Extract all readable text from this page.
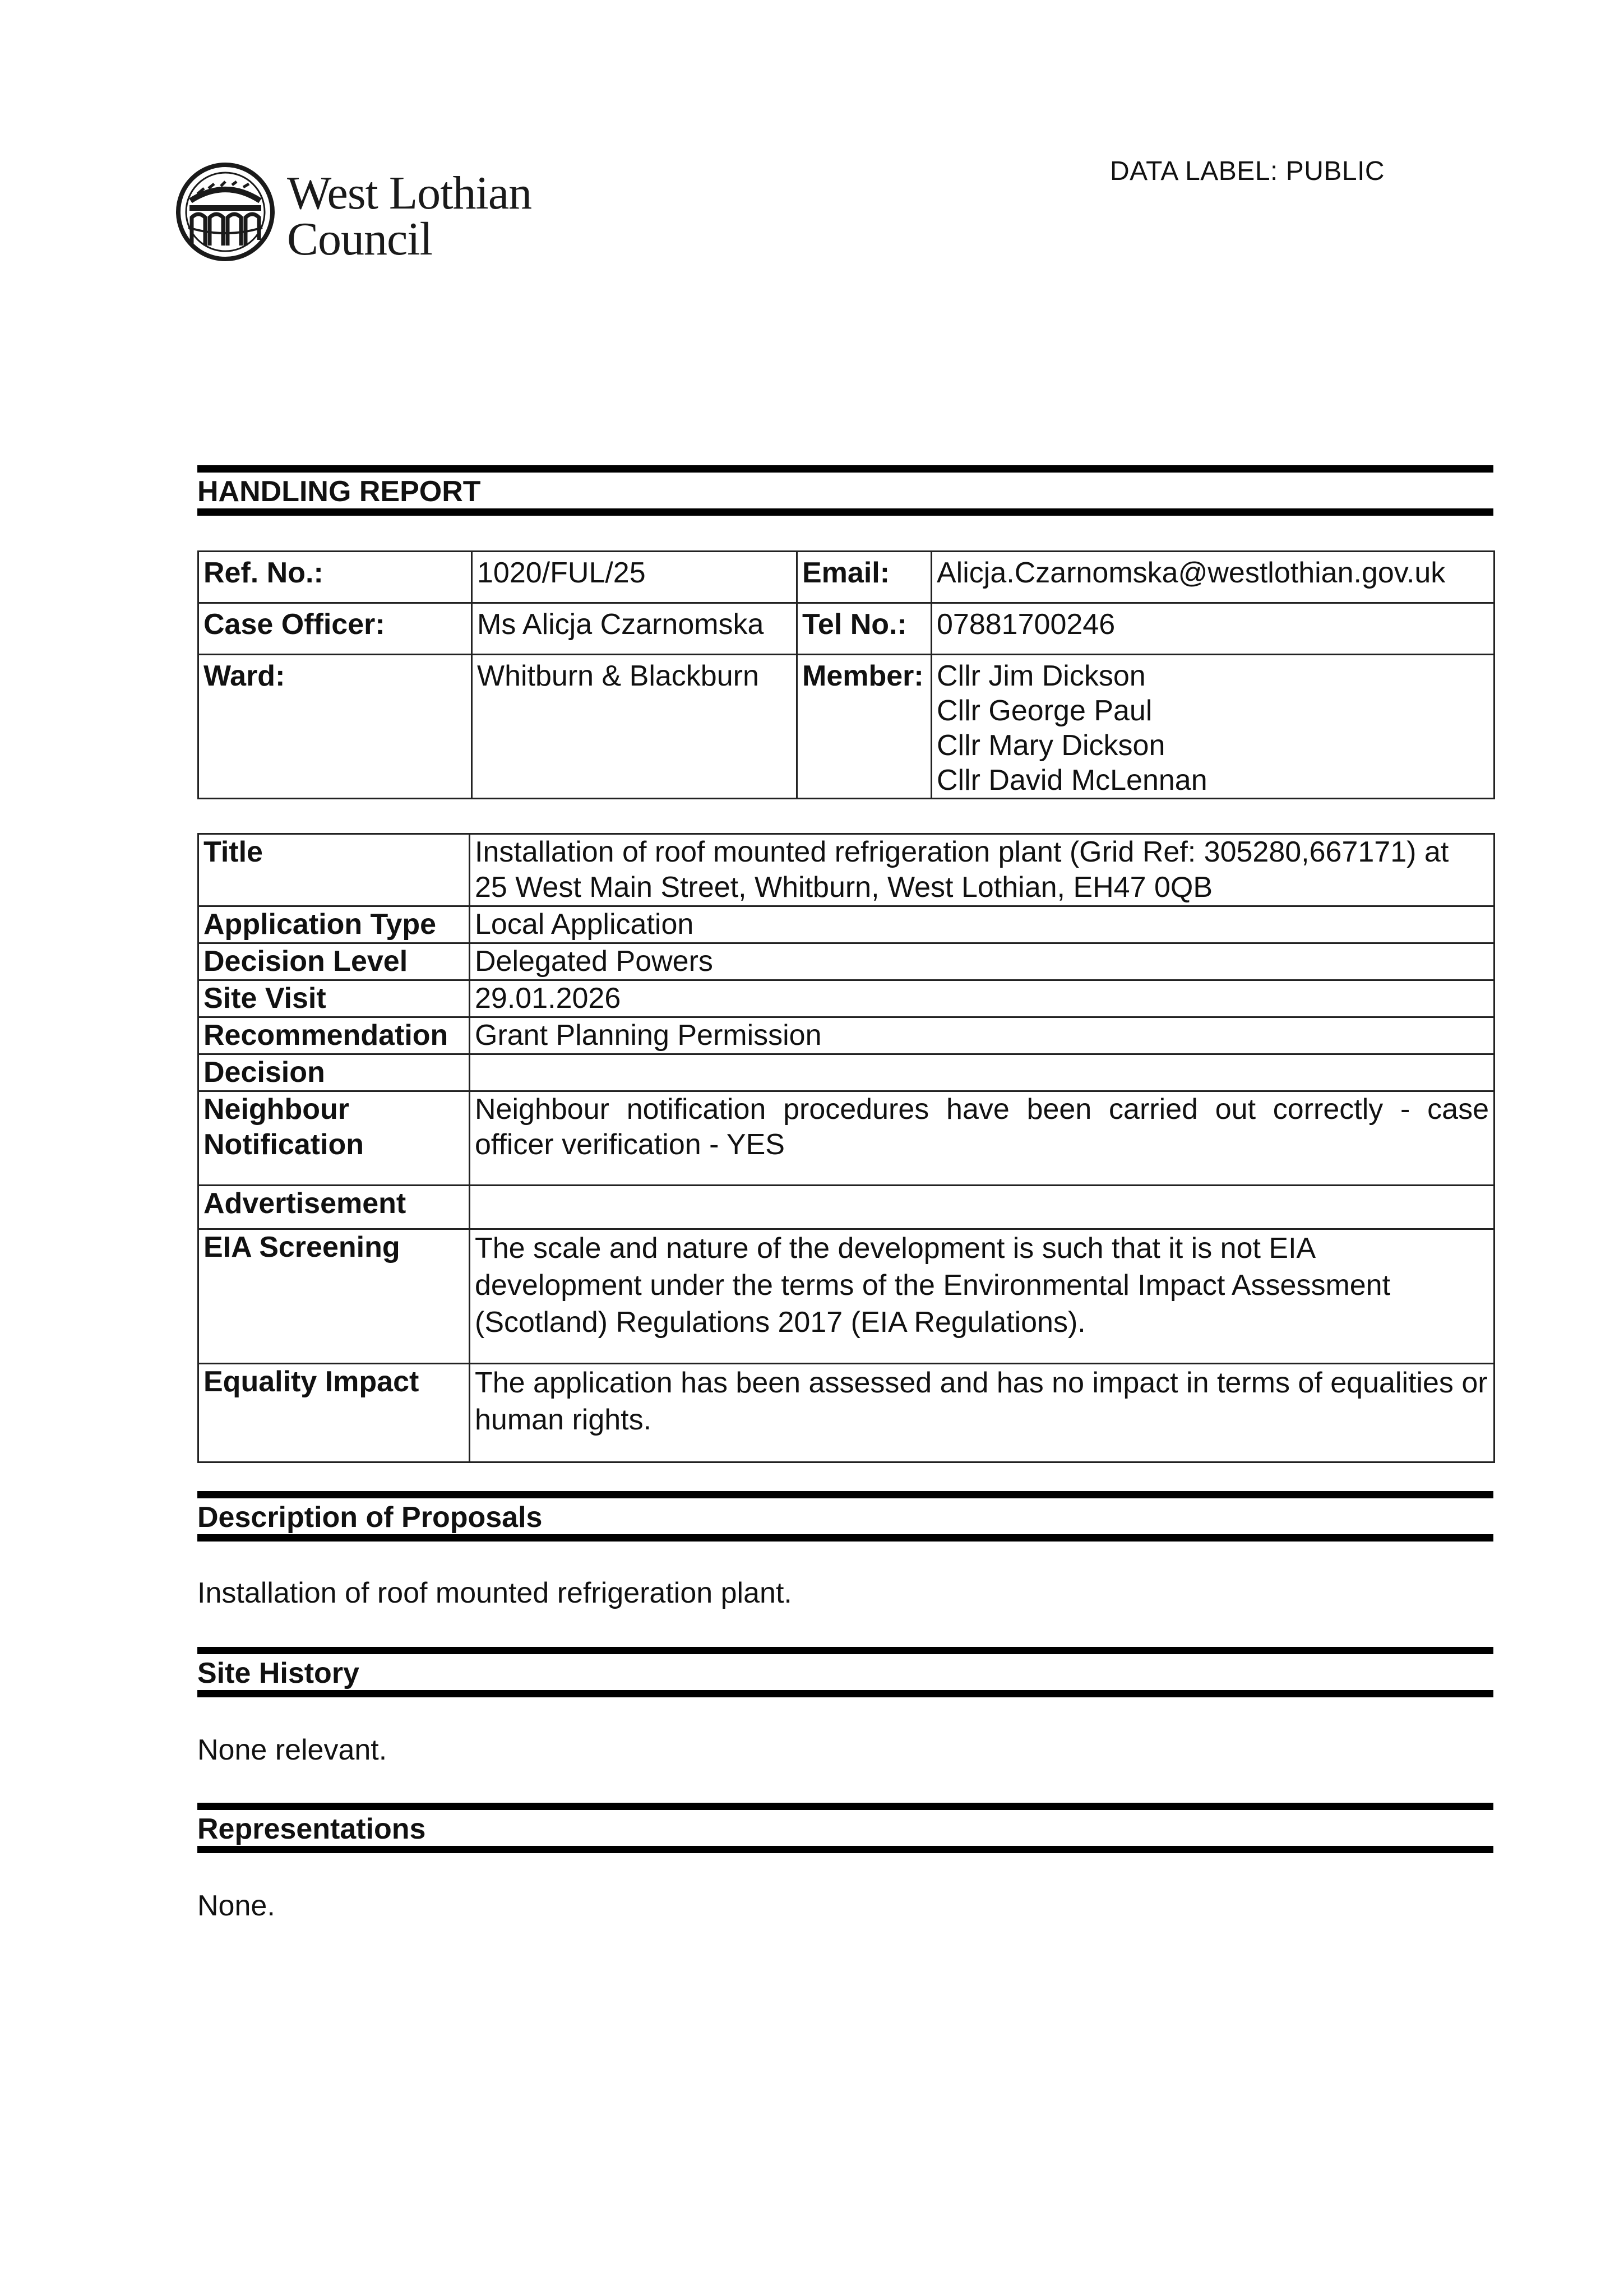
West Lothian
Council
DATA LABEL: PUBLIC
HANDLING REPORT
Ref. No.:	1020/FUL/25	Email:	Alicja.Czarnomska@westlothian.gov.uk
Case Officer:	Ms Alicja Czarnomska	Tel No.:	07881700246
Ward:	Whitburn & Blackburn	Member:	Cllr Jim Dickson
Cllr George Paul
Cllr Mary Dickson
Cllr David McLennan
Title	Installation of roof mounted refrigeration plant (Grid Ref: 305280,667171) at 25 West Main Street, Whitburn, West Lothian, EH47 0QB
Application Type	Local Application
Decision Level	Delegated Powers
Site Visit	29.01.2026
Recommendation	Grant Planning Permission
Decision	

Neighbour
Notification	Neighbour notification procedures have been carried out correctly - case
officer verification - YES

Advertisement	
EIA Screening	The scale and nature of the development is such that it is not EIA development under the terms of the Environmental Impact Assessment (Scotland) Regulations 2017 (EIA Regulations).
Equality Impact	The application has been assessed and has no impact in terms of equalities or human rights.
Description of Proposals
Installation of roof mounted refrigeration plant.
Site History
None relevant.
Representations
None.
